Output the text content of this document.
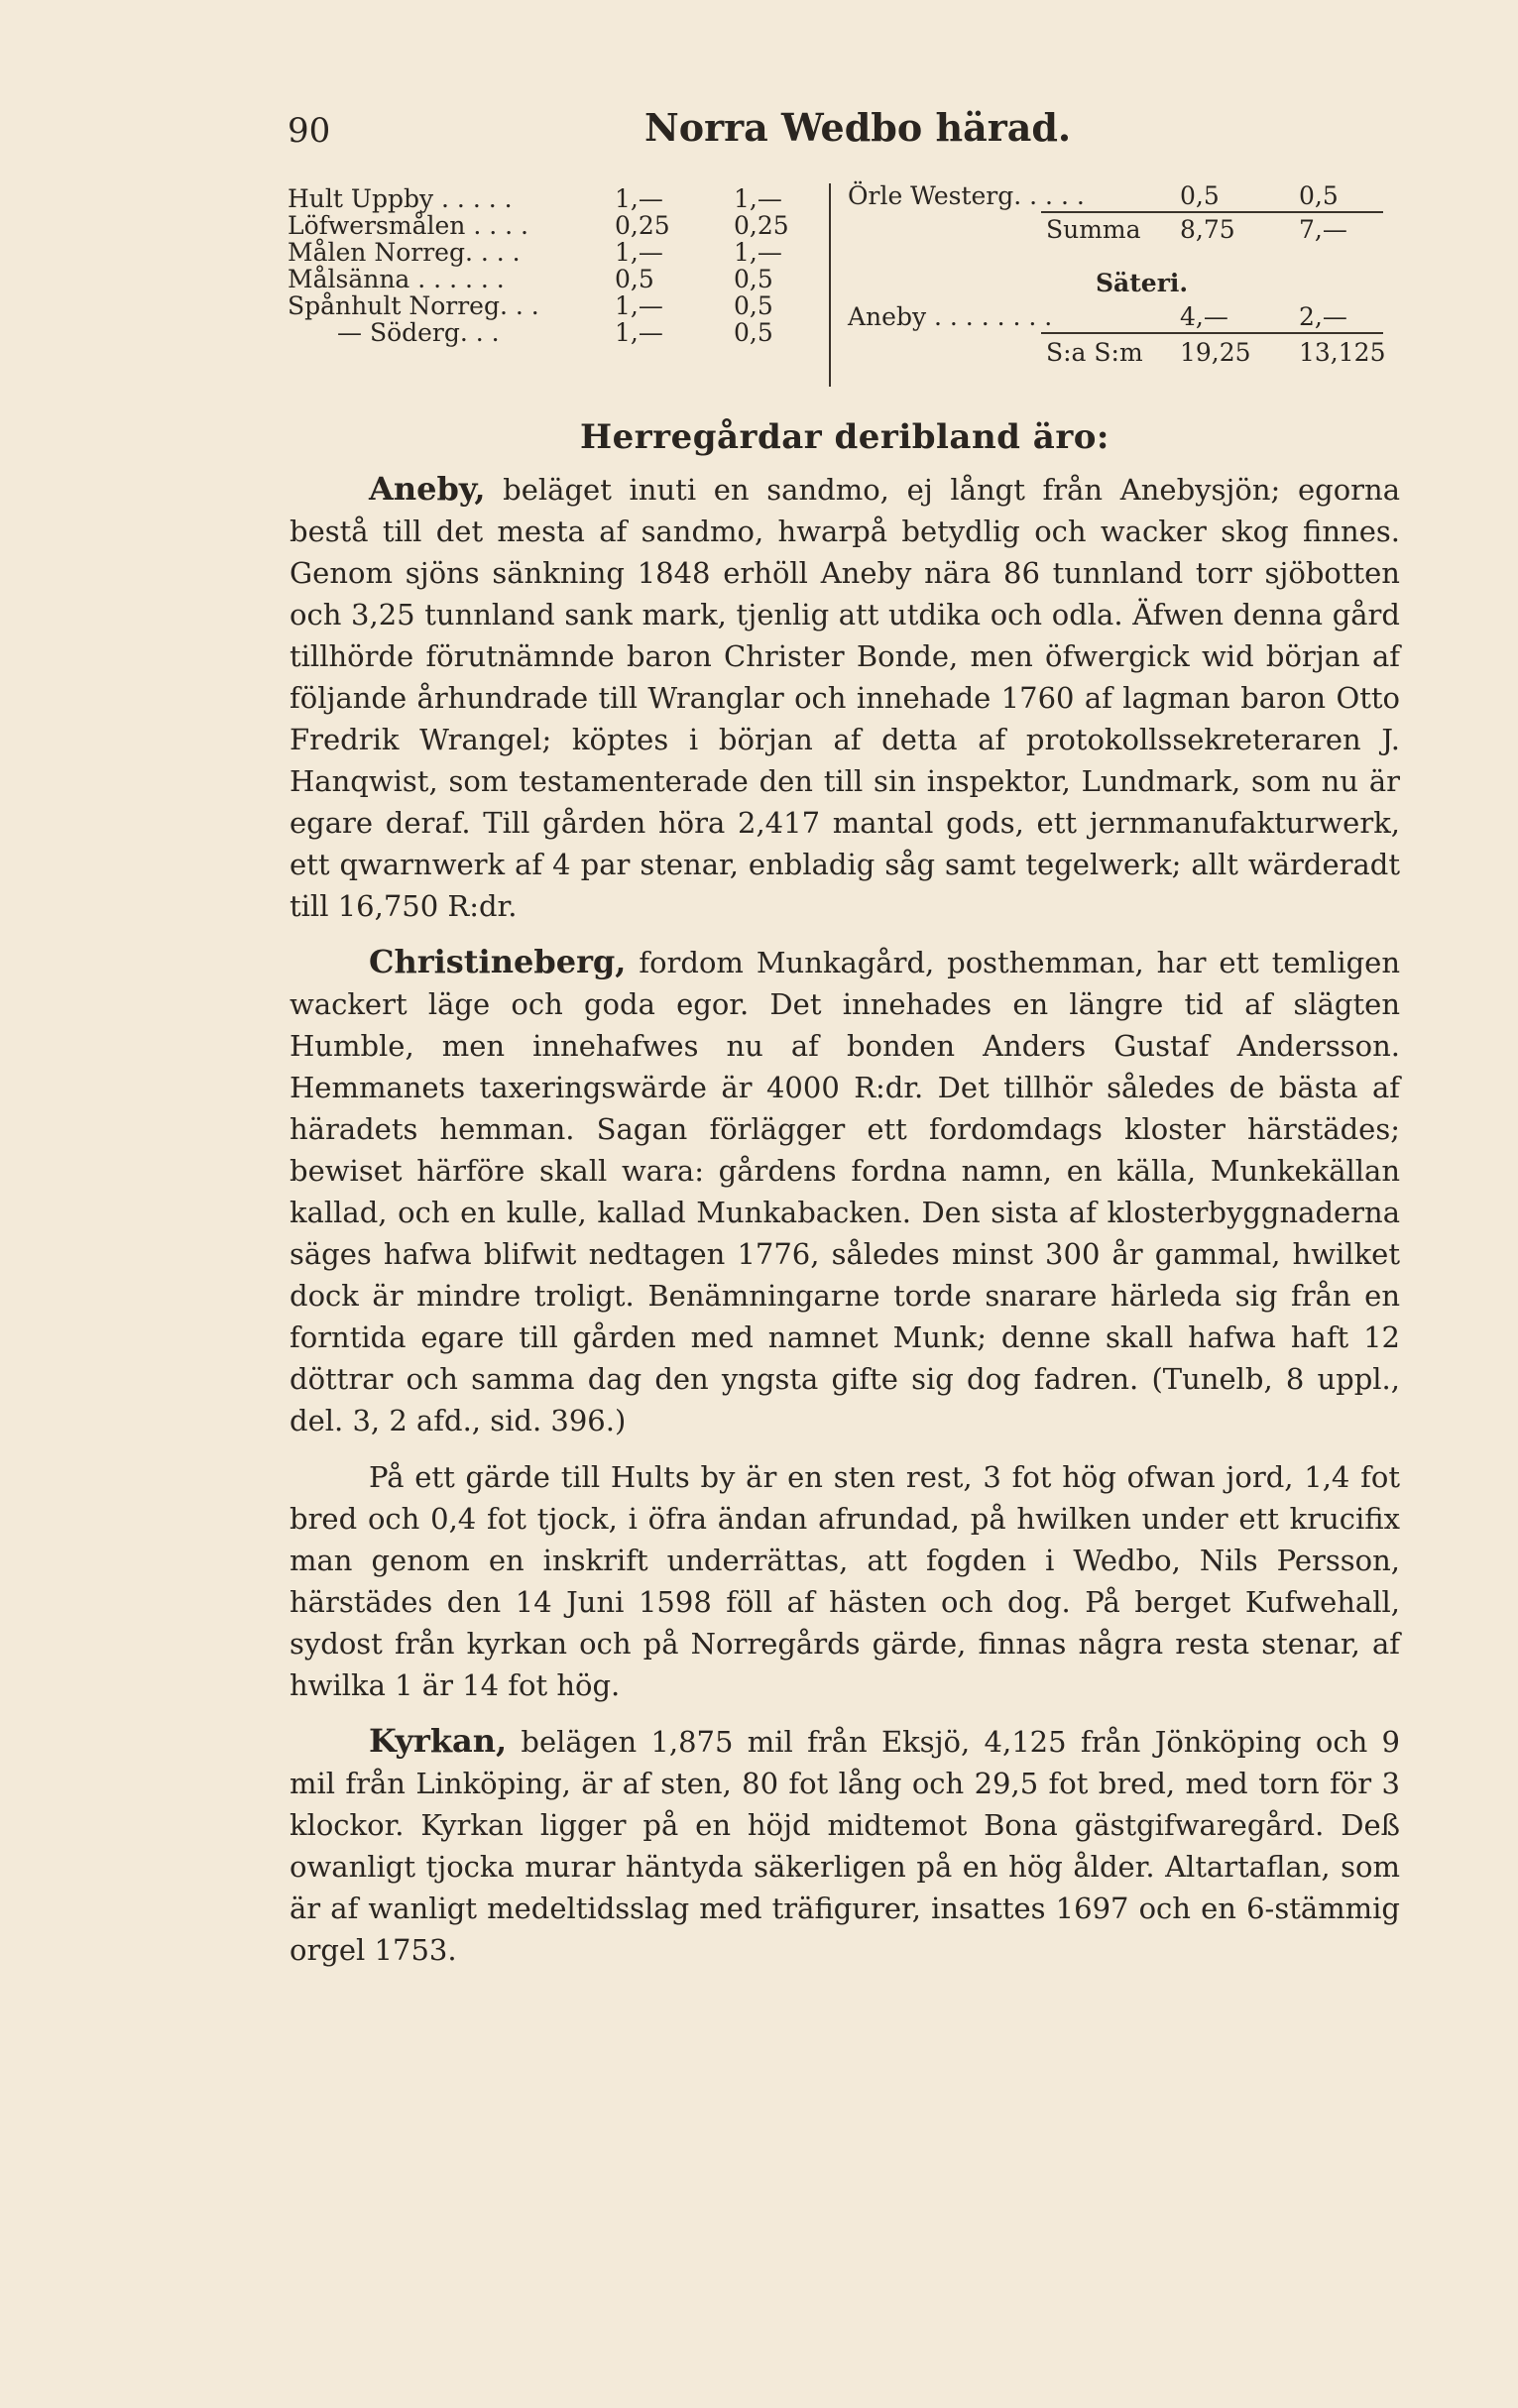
90	Norra Wedbo härad.
Hult Uppby . . . . .	1,—	1,—
Löfwersmålen . . . .	0,25	0,25
Målen Norreg. . . .	1,—	1,—
Målsänna . . . . . .	0,5	0,5
Spånhult Norreg. . .	1,—	0,5
— Söderg. . .	1,—	0,5
Örle Westerg. . . . .	0,5	0,5
Summa 8,75	7,—
Säteri.
Aneby . . . . . . . .	4,—	2,—
S:a S:m 19,25 13,125
Herregårdar deribland äro:

Aneby, beläget inuti en sandmo, ej långt från Anebysjön; egorna bestå till det mesta af sandmo, hwarpå betydlig och wacker skog finnes. Genom sjöns sänkning 1848 erhöll Aneby nära 86 tunnland torr sjöbotten och 3,25 tunnland sank mark, tjenlig att utdika och odla. Äfwen denna gård tillhörde förutnämnde baron Christer Bonde, men öfwergick wid början af följande århundrade till Wranglar och innehade 1760 af lagman baron Otto Fredrik Wrangel; köptes i början af detta af protokollssekreteraren J. Hanqwist, som testamenterade den till sin inspektor, Lundmark, som nu är egare deraf. Till gården höra 2,417 mantal gods, ett jernmanufakturwerk, ett qwarnwerk af 4 par stenar, enbladig såg samt tegelwerk; allt wärderadt till 16,750 R:dr.

Christineberg, fordom Munkagård, posthemman, har ett temligen wackert läge och goda egor. Det innehades en längre tid af slägten Humble, men innehafwes nu af bonden Anders Gustaf Andersson. Hemmanets taxeringswärde är 4000 R:dr. Det tillhör således de bästa af häradets hemman. Sagan förlägger ett fordomdags kloster härstädes; bewiset härföre skall wara: gårdens fordna namn, en källa, Munkekällan kallad, och en kulle, kallad Munkabacken. Den sista af klosterbyggnaderna säges hafwa blifwit nedtagen 1776, således minst 300 år gammal, hwilket dock är mindre troligt. Benämningarne torde snarare härleda sig från en forntida egare till gården med namnet Munk; denne skall hafwa haft 12 döttrar och samma dag den yngsta gifte sig dog fadren. (Tunelb, 8 uppl., del. 3, 2 afd., sid. 396.)

På ett gärde till Hults by är en sten rest, 3 fot hög ofwan jord, 1,4 fot bred och 0,4 fot tjock, i öfra ändan afrundad, på hwilken under ett krucifix man genom en inskrift underrättas, att fogden i Wedbo, Nils Persson, härstädes den 14 Juni 1598 föll af hästen och dog. På berget Kufwehall, sydost från kyrkan och på Norregårds gärde, finnas några resta stenar, af hwilka 1 är 14 fot hög.

Kyrkan, belägen 1,875 mil från Eksjö, 4,125 från Jönköping och 9 mil från Linköping, är af sten, 80 fot lång och 29,5 fot bred, med torn för 3 klockor. Kyrkan ligger på en höjd midtemot Bona gästgifwaregård. Deß owanligt tjocka murar häntyda säkerligen på en hög ålder. Altartaflan, som är af wanligt medeltidsslag med träfigurer, insattes 1697 och en 6-stämmig orgel 1753.
